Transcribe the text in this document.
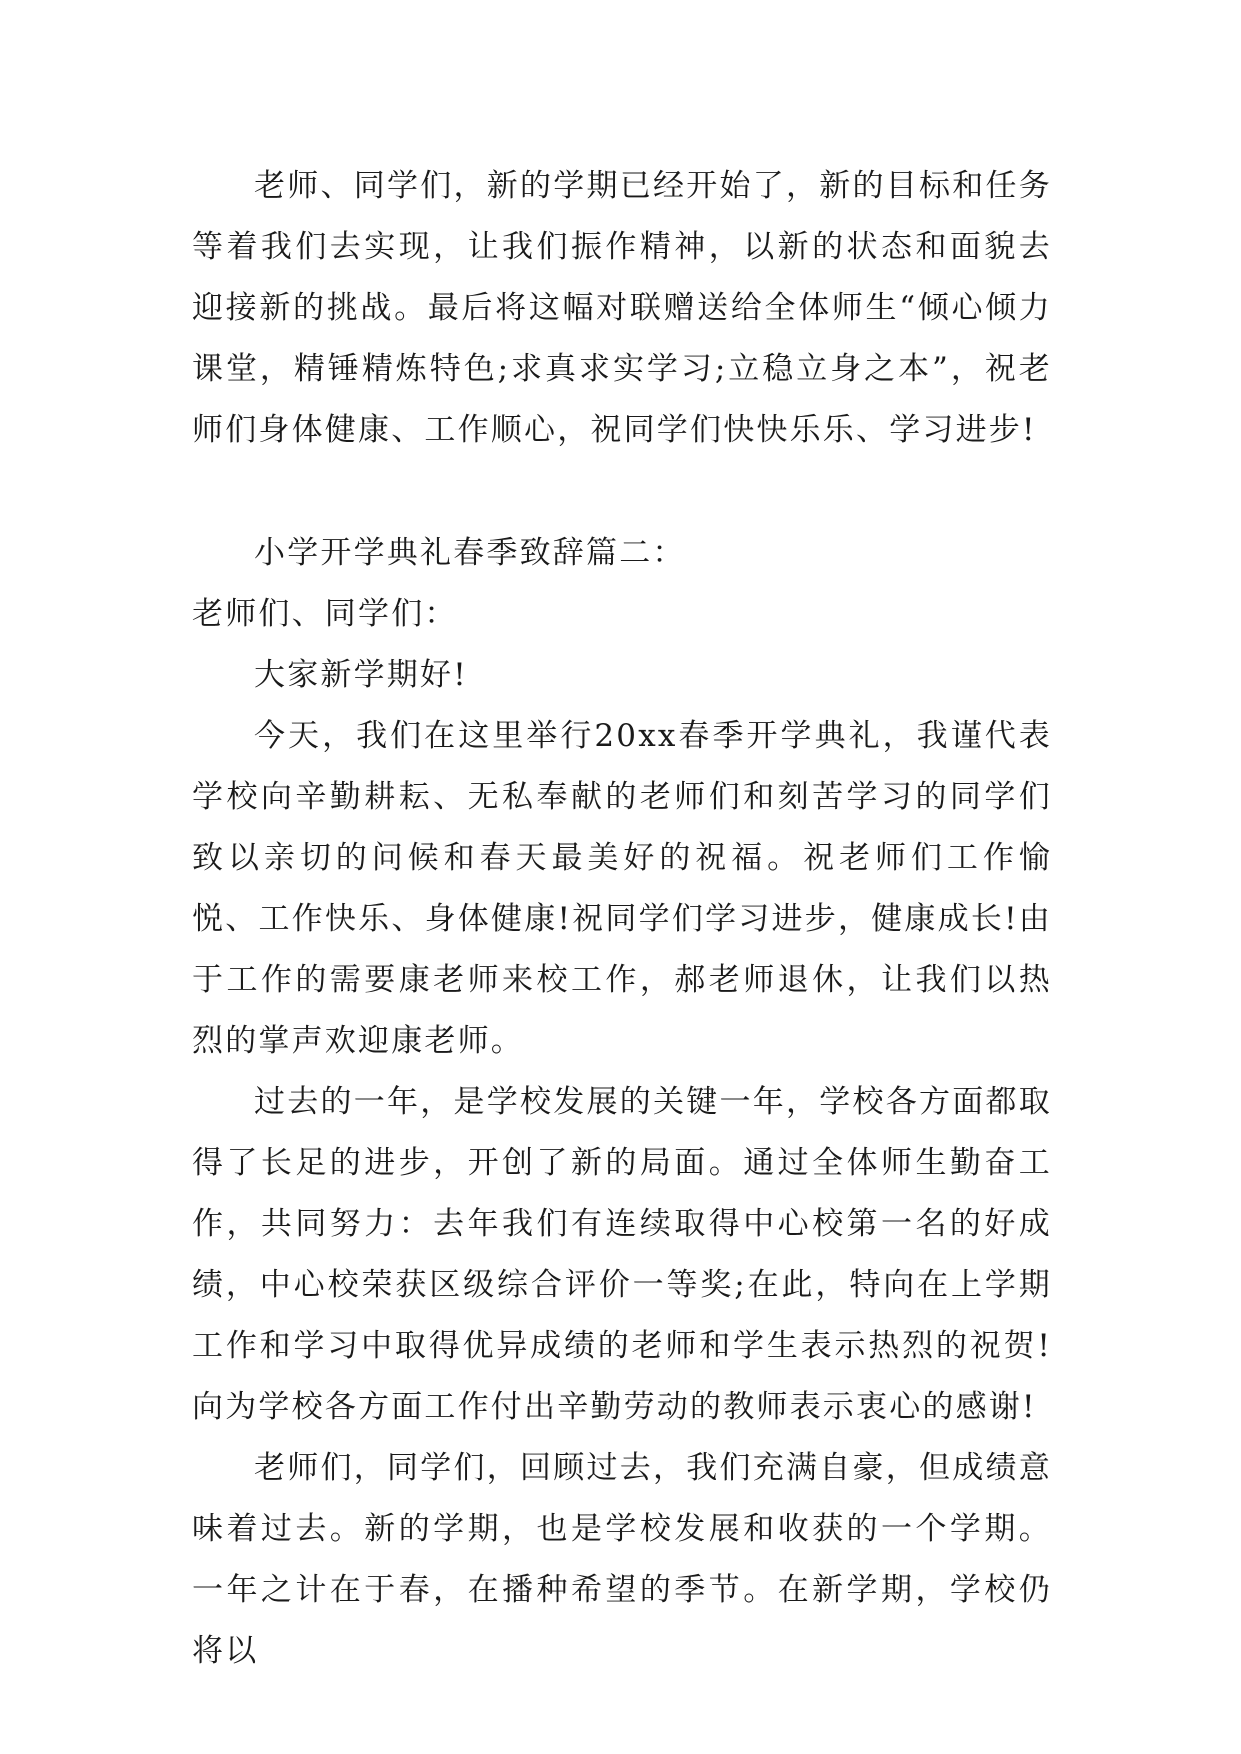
老师、同学们，新的学期已经开始了，新的目标和任务等着我们去实现，让我们振作精神，以新的状态和面貌去迎接新的挑战。最后将这幅对联赠送给全体师生“倾心倾力课堂，精锤精炼特色;求真求实学习;立稳立身之本”，祝老师们身体健康、工作顺心，祝同学们快快乐乐、学习进步!

小学开学典礼春季致辞篇二：

老师们、同学们：

大家新学期好!

今天，我们在这里举行20xx春季开学典礼，我谨代表学校向辛勤耕耘、无私奉献的老师们和刻苦学习的同学们致以亲切的问候和春天最美好的祝福。祝老师们工作愉悦、工作快乐、身体健康!祝同学们学习进步，健康成长!由于工作的需要康老师来校工作，郝老师退休，让我们以热烈的掌声欢迎康老师。

过去的一年，是学校发展的关键一年，学校各方面都取得了长足的进步，开创了新的局面。通过全体师生勤奋工作，共同努力：去年我们有连续取得中心校第一名的好成绩，中心校荣获区级综合评价一等奖;在此，特向在上学期工作和学习中取得优异成绩的老师和学生表示热烈的祝贺!向为学校各方面工作付出辛勤劳动的教师表示衷心的感谢!

老师们，同学们，回顾过去，我们充满自豪，但成绩意味着过去。新的学期，也是学校发展和收获的一个学期。一年之计在于春，在播种希望的季节。在新学期，学校仍将以
